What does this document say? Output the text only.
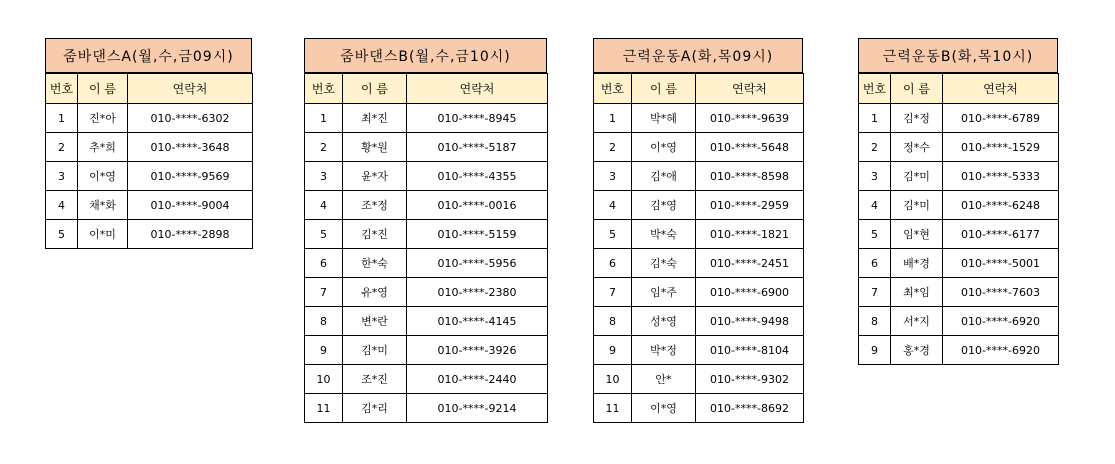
줌바댄스A(월,수,금09시)
번호	이 름	연락처
1	진*아	010-****-6302
2	추*희	010-****-3648
3	이*영	010-****-9569
4	채*화	010-****-9004
5	이*미	010-****-2898
줌바댄스B(월,수,금10시)
번호	이 름	연락처
1	최*진	010-****-8945
2	황*원	010-****-5187
3	윤*자	010-****-4355
4	조*정	010-****-0016
5	김*진	010-****-5159
6	한*숙	010-****-5956
7	유*영	010-****-2380
8	변*란	010-****-4145
9	김*미	010-****-3926
10	조*진	010-****-2440
11	김*리	010-****-9214
근력운동A(화,목09시)
번호	이 름	연락처
1	박*혜	010-****-9639
2	이*영	010-****-5648
3	김*애	010-****-8598
4	김*영	010-****-2959
5	박*숙	010-****-1821
6	김*숙	010-****-2451
7	임*주	010-****-6900
8	성*영	010-****-9498
9	박*정	010-****-8104
10	안*	010-****-9302
11	이*영	010-****-8692
근력운동B(화,목10시)
번호	이 름	연락처
1	김*정	010-****-6789
2	정*수	010-****-1529
3	김*미	010-****-5333
4	김*미	010-****-6248
5	임*현	010-****-6177
6	배*경	010-****-5001
7	최*임	010-****-7603
8	서*지	010-****-6920
9	홍*경	010-****-6920
